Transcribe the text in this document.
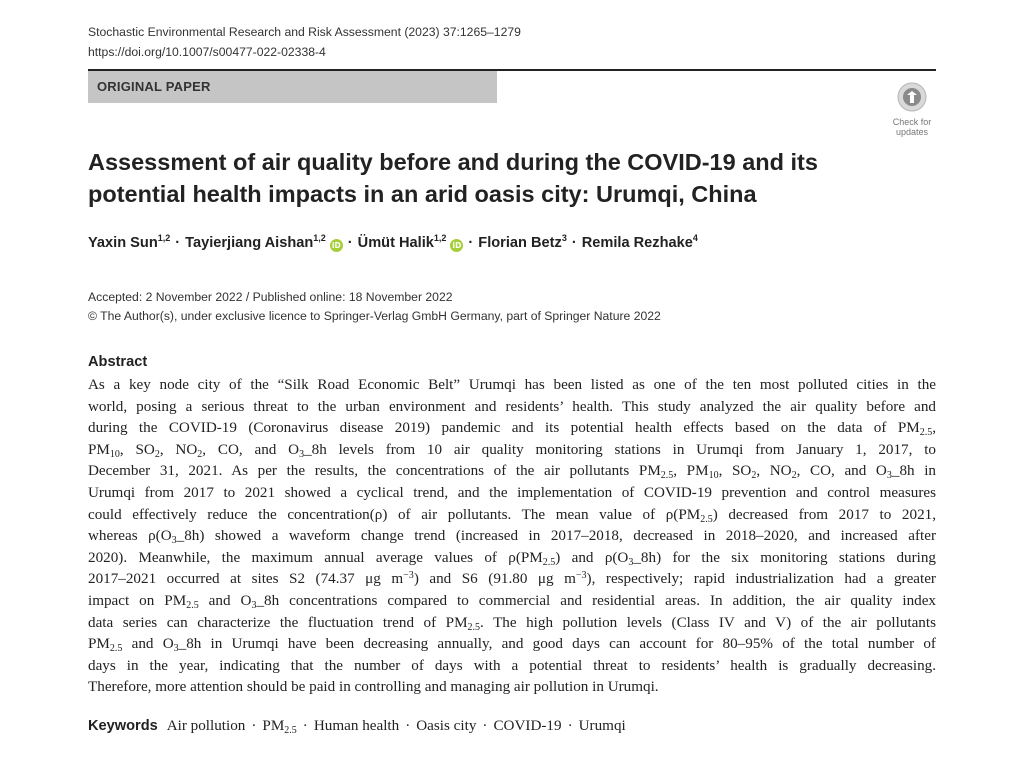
Stochastic Environmental Research and Risk Assessment (2023) 37:1265–1279
https://doi.org/10.1007/s00477-022-02338-4
ORIGINAL PAPER
Check for
updates
Assessment of air quality before and during the COVID-19 and its potential health impacts in an arid oasis city: Urumqi, China
Yaxin Sun$^{1,2}$ · Tayierjiang Aishan$^{1,2}$iD · Ümüt Halik$^{1,2}$iD · Florian Betz$^3$ · Remila Rezhake$^4$
Accepted: 2 November 2022 / Published online: 18 November 2022
© The Author(s), under exclusive licence to Springer-Verlag GmbH Germany, part of Springer Nature 2022
Abstract
As a key node city of the “Silk Road Economic Belt” Urumqi has been listed as one of the ten most polluted cities in the
world, posing a serious threat to the urban environment and residents’ health. This study analyzed the air quality before and
during the COVID-19 (Coronavirus disease 2019) pandemic and its potential health effects based on the data of $PM_{2.5}$,
$PM_{10}$, $SO_2$, $NO_2$, CO, and $O_3\_8h$ levels from 10 air quality monitoring stations in Urumqi from January 1, 2017, to
December 31, 2021. As per the results, the concentrations of the air pollutants $PM_{2.5}$, $PM_{10}$, $SO_2$, $NO_2$, CO, and $O_3\_8h$ in
Urumqi from 2017 to 2021 showed a cyclical trend, and the implementation of COVID-19 prevention and control measures
could effectively reduce the concentration(ρ) of air pollutants. The mean value of $\rho(PM_{2.5})$ decreased from 2017 to 2021,
whereas $\rho(O_3\_8h)$ showed a waveform change trend (increased in 2017–2018, decreased in 2018–2020, and increased after
2020). Meanwhile, the maximum annual average values of $\rho(PM_{2.5})$ and $\rho(O_3\_8h)$ for the six monitoring stations during
2017–2021 occurred at sites S2 (74.37 μg $m^{-3}$) and S6 (91.80 μg $m^{-3}$), respectively; rapid industrialization had a greater
impact on $PM_{2.5}$ and $O_3\_8h$ concentrations compared to commercial and residential areas. In addition, the air quality index
data series can characterize the fluctuation trend of $PM_{2.5}$. The high pollution levels (Class IV and V) of the air pollutants
$PM_{2.5}$ and $O_3\_8h$ in Urumqi have been decreasing annually, and good days can account for 80–95% of the total number of
days in the year, indicating that the number of days with a potential threat to residents’ health is gradually decreasing.
Therefore, more attention should be paid in controlling and managing air pollution in Urumqi.
Keywords Air pollution · $PM_{2.5}$ · Human health · Oasis city · COVID-19 · Urumqi
